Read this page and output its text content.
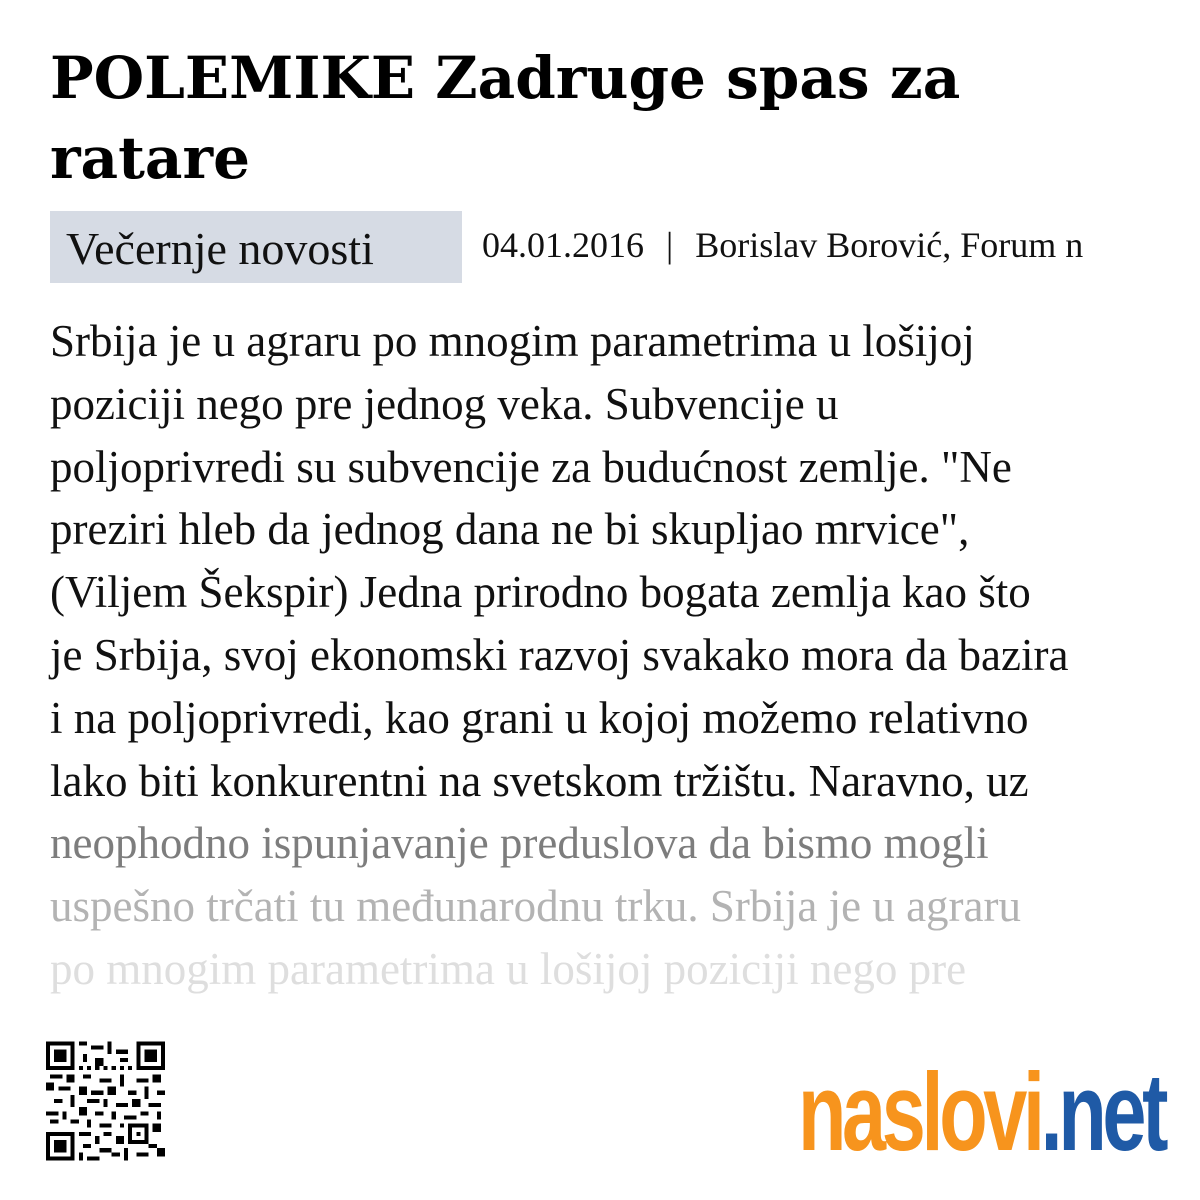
POLEMIKE Zadruge spas za ratare
Večernje novosti	04.01.2016 | Borislav Borović, Forum n
Srbija je u agraru po mnogim parametrima u lošijoj
poziciji nego pre jednog veka. Subvencije u
poljoprivredi su subvencije za budućnost zemlje. "Ne
preziri hleb da jednog dana ne bi skupljao mrvice",
(Viljem Šekspir) Jedna prirodno bogata zemlja kao što
je Srbija, svoj ekonomski razvoj svakako mora da bazira
i na poljoprivredi, kao grani u kojoj možemo relativno
lako biti konkurentni na svetskom tržištu. Naravno, uz
neophodno ispunjavanje preduslova da bismo mogli
uspešno trčati tu međunarodnu trku. Srbija je u agraru
po mnogim parametrima u lošijoj poziciji nego pre
naslovi.net
